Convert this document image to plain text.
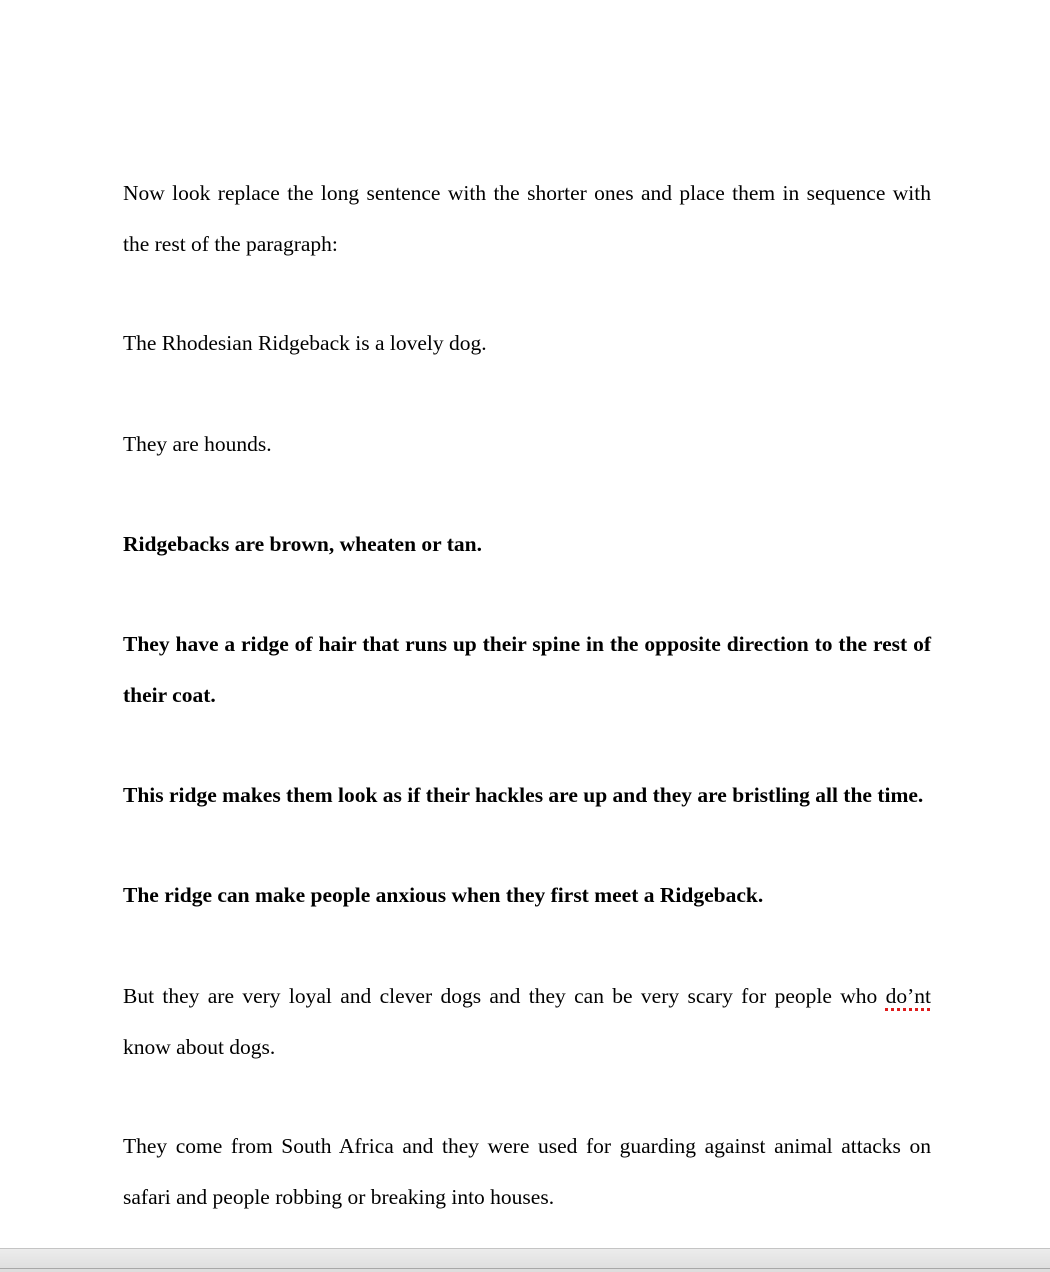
Now look replace the long sentence with the shorter ones and place them in sequence with the rest of the paragraph:

The Rhodesian Ridgeback is a lovely dog.

They are hounds.

Ridgebacks are brown, wheaten or tan.

They have a ridge of hair that runs up their spine in the opposite direction to the rest of their coat.

This ridge makes them look as if their hackles are up and they are bristling all the time.

The ridge can make people anxious when they first meet a Ridgeback.

But they are very loyal and clever dogs and they can be very scary for people who do’nt know about dogs.

They come from South Africa and they were used for guarding against animal attacks on safari and people robbing or breaking into houses.
